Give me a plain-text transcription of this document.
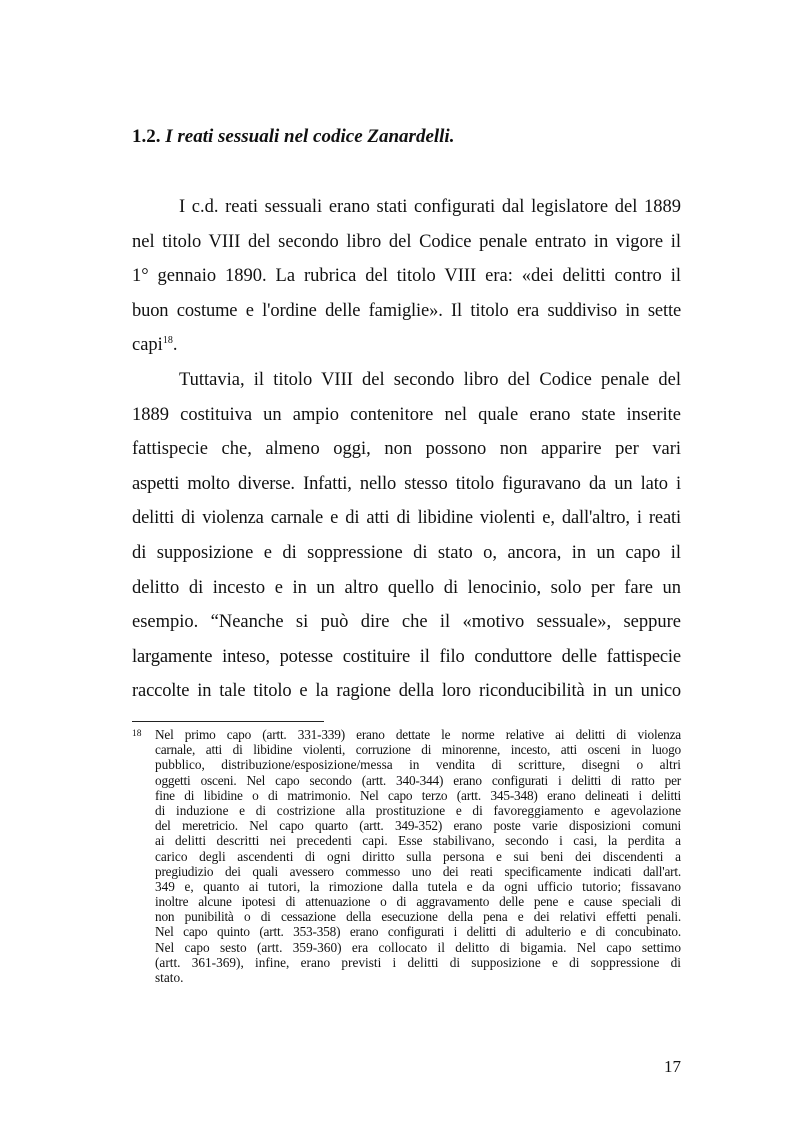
1.2. I reati sessuali nel codice Zanardelli.
I c.d. reati sessuali erano stati configurati dal legislatore del 1889
nel titolo VIII del secondo libro del Codice penale entrato in vigore il
1° gennaio 1890. La rubrica del titolo VIII era: «dei delitti contro il
buon costume e l'ordine delle famiglie». Il titolo era suddiviso in sette
capi$^{18}$.
Tuttavia, il titolo VIII del secondo libro del Codice penale del
1889 costituiva un ampio contenitore nel quale erano state inserite
fattispecie che, almeno oggi, non possono non apparire per vari
aspetti molto diverse. Infatti, nello stesso titolo figuravano da un lato i
delitti di violenza carnale e di atti di libidine violenti e, dall'altro, i reati
di supposizione e di soppressione di stato o, ancora, in un capo il
delitto di incesto e in un altro quello di lenocinio, solo per fare un
esempio. “Neanche si può dire che il «motivo sessuale», seppure
largamente inteso, potesse costituire il filo conduttore delle fattispecie
raccolte in tale titolo e la ragione della loro riconducibilità in un unico
18 Nel primo capo (artt. 331-339) erano dettate le norme relative ai delitti di violenza
carnale, atti di libidine violenti, corruzione di minorenne, incesto, atti osceni in luogo
pubblico, distribuzione/esposizione/messa in vendita di scritture, disegni o altri
oggetti osceni. Nel capo secondo (artt. 340-344) erano configurati i delitti di ratto per
fine di libidine o di matrimonio. Nel capo terzo (artt. 345-348) erano delineati i delitti
di induzione e di costrizione alla prostituzione e di favoreggiamento e agevolazione
del meretricio. Nel capo quarto (artt. 349-352) erano poste varie disposizioni comuni
ai delitti descritti nei precedenti capi. Esse stabilivano, secondo i casi, la perdita a
carico degli ascendenti di ogni diritto sulla persona e sui beni dei discendenti a
pregiudizio dei quali avessero commesso uno dei reati specificamente indicati dall'art.
349 e, quanto ai tutori, la rimozione dalla tutela e da ogni ufficio tutorio; fissavano
inoltre alcune ipotesi di attenuazione o di aggravamento delle pene e cause speciali di
non punibilità o di cessazione della esecuzione della pena e dei relativi effetti penali.
Nel capo quinto (artt. 353-358) erano configurati i delitti di adulterio e di concubinato.
Nel capo sesto (artt. 359-360) era collocato il delitto di bigamia. Nel capo settimo
(artt. 361-369), infine, erano previsti i delitti di supposizione e di soppressione di
stato.
17
